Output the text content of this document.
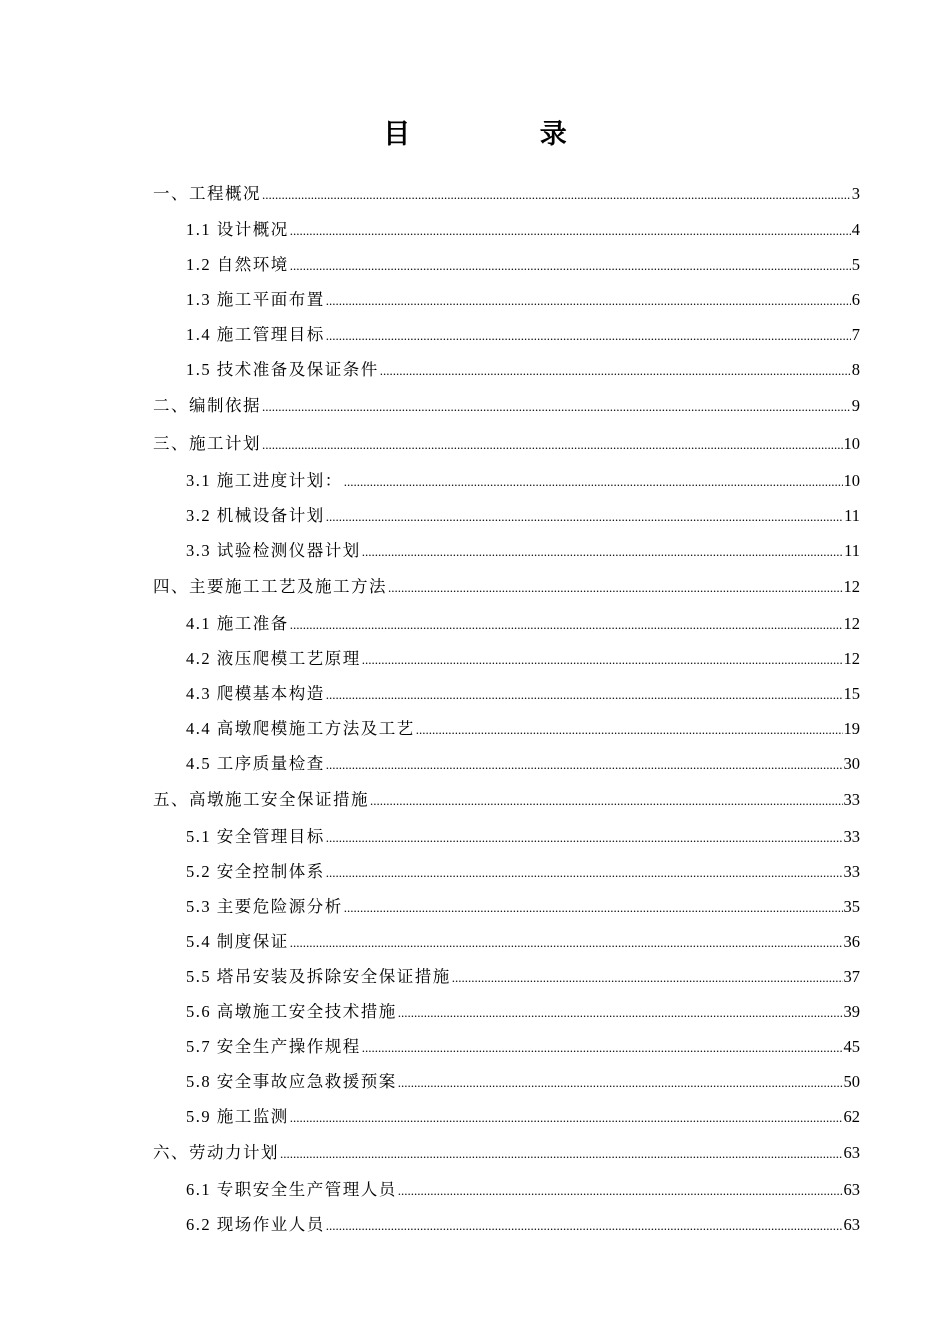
目 录
一、工程概况 .....	3
1.1 设计概况 .....	4
1.2 自然环境 .....	5
1.3 施工平面布置 .....	6
1.4 施工管理目标 .....	7
1.5 技术准备及保证条件 .....	8
二、编制依据 .....	9
三、施工计划 .....	10
3.1 施工进度计划： .....	10
3.2 机械设备计划 .....	11
3.3 试验检测仪器计划 .....	11
四、主要施工工艺及施工方法 .....	12
4.1 施工准备 .....	12
4.2 液压爬模工艺原理 .....	12
4.3 爬模基本构造 .....	15
4.4 高墩爬模施工方法及工艺 .....	19
4.5 工序质量检查 .....	30
五、高墩施工安全保证措施 .....	33
5.1 安全管理目标 .....	33
5.2 安全控制体系 .....	33
5.3 主要危险源分析 .....	35
5.4 制度保证 .....	36
5.5 塔吊安装及拆除安全保证措施 .....	37
5.6 高墩施工安全技术措施 .....	39
5.7 安全生产操作规程 .....	45
5.8 安全事故应急救援预案 .....	50
5.9 施工监测 .....	62
六、劳动力计划 .....	63
6.1 专职安全生产管理人员 .....	63
6.2 现场作业人员 .....	63
